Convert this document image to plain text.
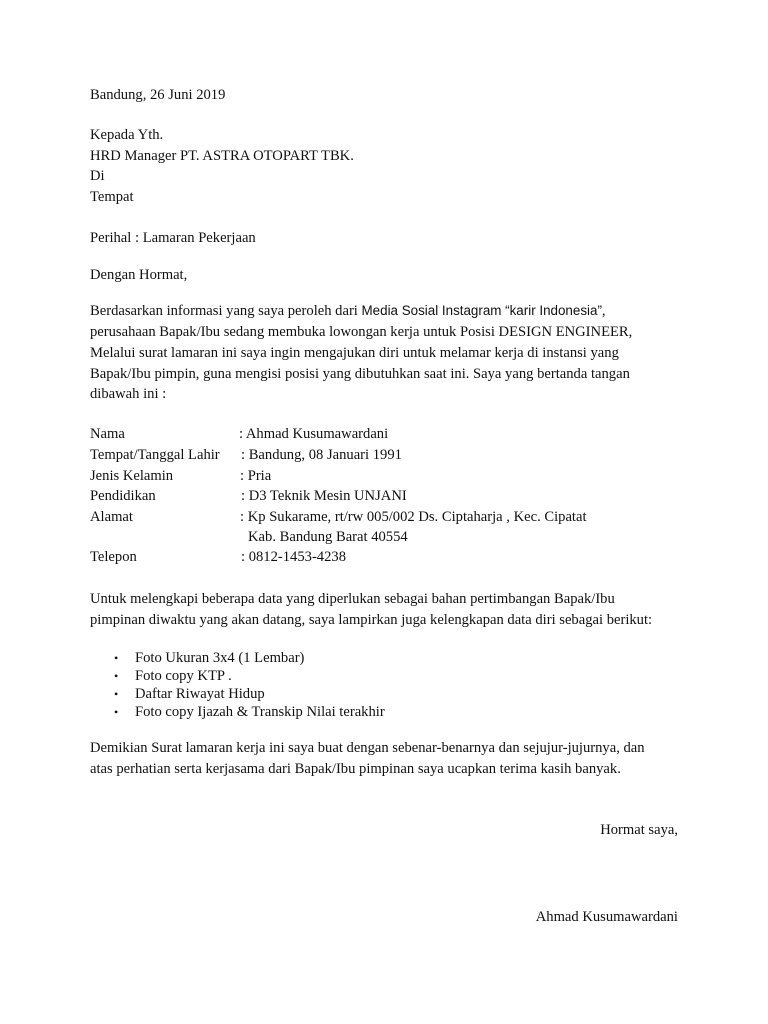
Bandung, 26 Juni 2019
Kepada Yth.
HRD Manager PT. ASTRA OTOPART TBK.
Di
Tempat
Perihal : Lamaran Pekerjaan
Dengan Hormat,
Berdasarkan informasi yang saya peroleh dari Media Sosial Instagram “karir Indonesia”,
perusahaan Bapak/Ibu sedang membuka lowongan kerja untuk Posisi DESIGN ENGINEER,
Melalui surat lamaran ini saya ingin mengajukan diri untuk melamar kerja di instansi yang
Bapak/Ibu pimpin, guna mengisi posisi yang dibutuhkan saat ini. Saya yang bertanda tangan
dibawah ini :
Nama	: Ahmad Kusumawardani
Tempat/Tanggal Lahir : Bandung, 08 Januari 1991
Jenis Kelamin	: Pria
Pendidikan	: D3 Teknik Mesin UNJANI
Alamat	: Kp Sukarame, rt/rw 005/002 Ds. Ciptaharja , Kec. Cipatat
Kab. Bandung Barat 40554
Telepon	: 0812-1453-4238
Untuk melengkapi beberapa data yang diperlukan sebagai bahan pertimbangan Bapak/Ibu
pimpinan diwaktu yang akan datang, saya lampirkan juga kelengkapan data diri sebagai berikut:
• Foto Ukuran 3x4 (1 Lembar)
• Foto copy KTP .
• Daftar Riwayat Hidup
• Foto copy Ijazah & Transkip Nilai terakhir
Demikian Surat lamaran kerja ini saya buat dengan sebenar-benarnya dan sejujur-jujurnya, dan
atas perhatian serta kerjasama dari Bapak/Ibu pimpinan saya ucapkan terima kasih banyak.
Hormat saya,
Ahmad Kusumawardani
